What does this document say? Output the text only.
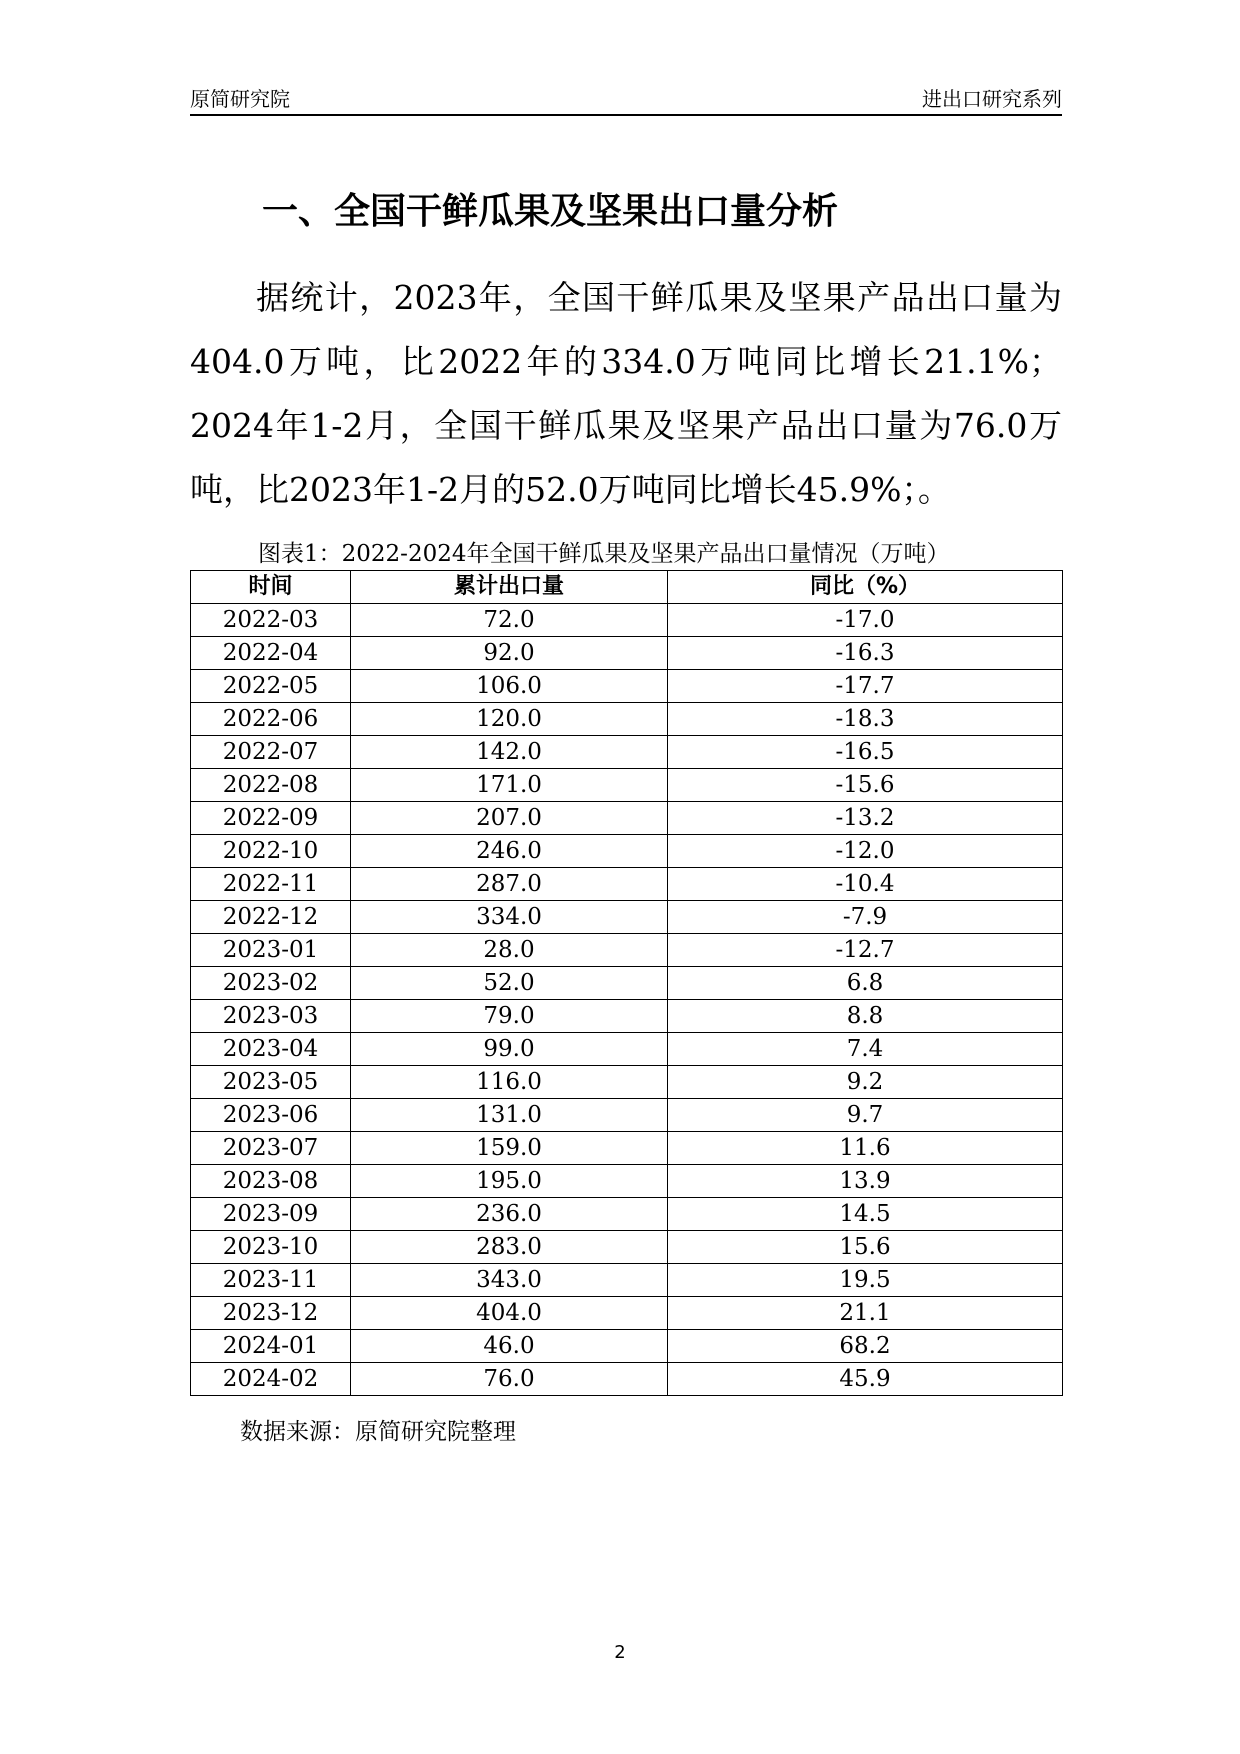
原简研究院	进出口研究系列
一、全国干鲜瓜果及坚果出口量分析

据统计，2023年，全国干鲜瓜果及坚果产品出口量为404.0万吨，比2022年的334.0万吨同比增长21.1%；2024年1-2月，全国干鲜瓜果及坚果产品出口量为76.0万吨，比2023年1-2月的52.0万吨同比增长45.9%；。

图表1：2022-2024年全国干鲜瓜果及坚果产品出口量情况（万吨）
时间	累计出口量	同比（%）
2022-03	72.0	-17.0
2022-04	92.0	-16.3
2022-05	106.0	-17.7
2022-06	120.0	-18.3
2022-07	142.0	-16.5
2022-08	171.0	-15.6
2022-09	207.0	-13.2
2022-10	246.0	-12.0
2022-11	287.0	-10.4
2022-12	334.0	-7.9
2023-01	28.0	-12.7
2023-02	52.0	6.8
2023-03	79.0	8.8
2023-04	99.0	7.4
2023-05	116.0	9.2
2023-06	131.0	9.7
2023-07	159.0	11.6
2023-08	195.0	13.9
2023-09	236.0	14.5
2023-10	283.0	15.6
2023-11	343.0	19.5
2023-12	404.0	21.1
2024-01	46.0	68.2
2024-02	76.0	45.9
数据来源：原简研究院整理
2
